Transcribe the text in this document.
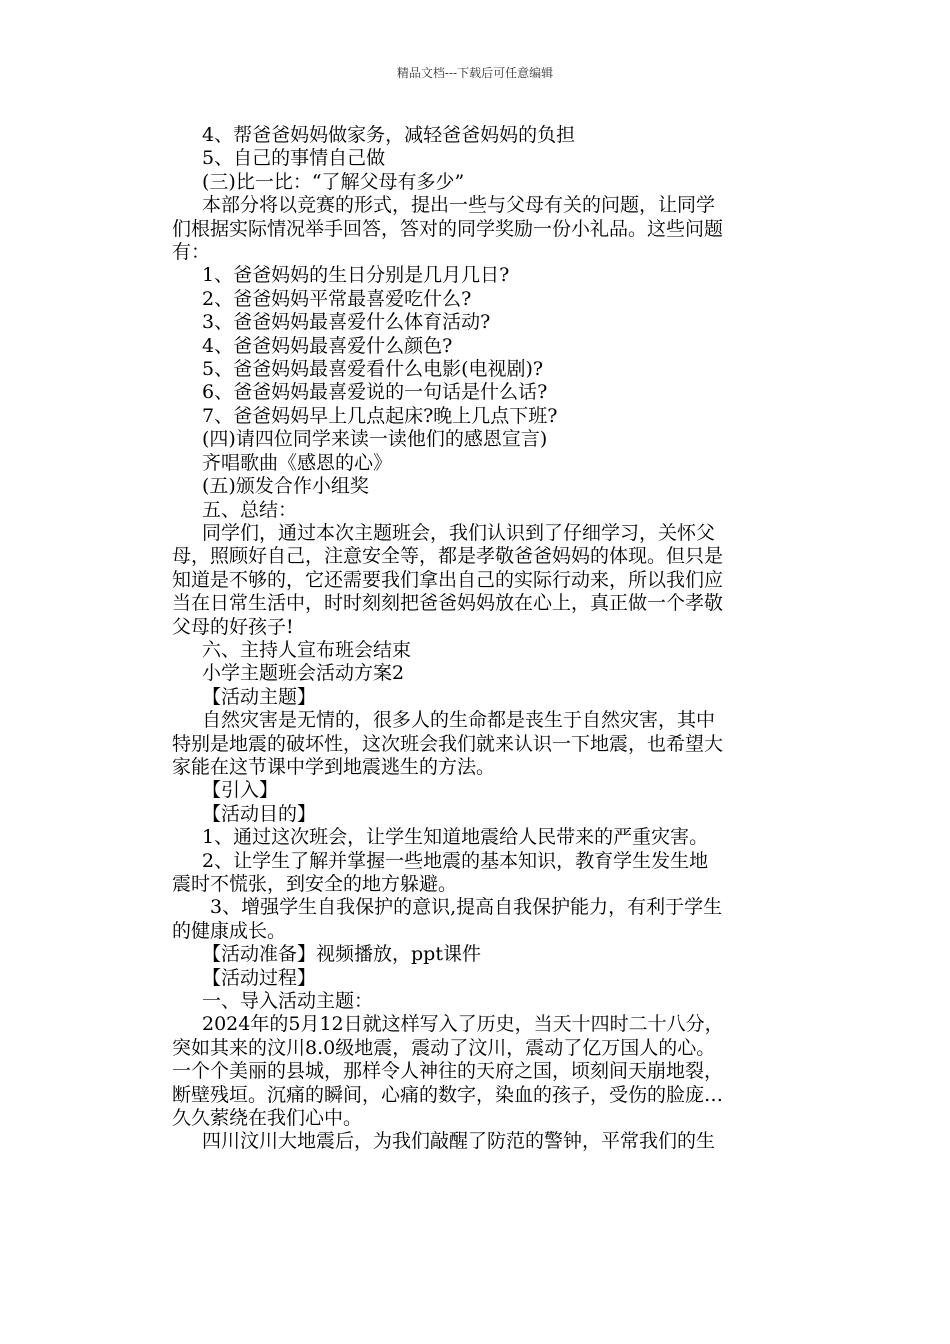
精品文档---下载后可任意编辑

4、帮爸爸妈妈做家务，减轻爸爸妈妈的负担

5、自己的事情自己做

(三)比一比：“了解父母有多少”

本部分将以竞赛的形式，提出一些与父母有关的问题，让同学

们根据实际情况举手回答，答对的同学奖励一份小礼品。这些问题

有：

1、爸爸妈妈的生日分别是几月几日?

2、爸爸妈妈平常最喜爱吃什么?

3、爸爸妈妈最喜爱什么体育活动?

4、爸爸妈妈最喜爱什么颜色?

5、爸爸妈妈最喜爱看什么电影(电视剧)?

6、爸爸妈妈最喜爱说的一句话是什么话?

7、爸爸妈妈早上几点起床?晚上几点下班?

(四)请四位同学来读一读他们的感恩宣言)

齐唱歌曲《感恩的心》

(五)颁发合作小组奖

五、总结：

同学们，通过本次主题班会，我们认识到了仔细学习，关怀父

母，照顾好自己，注意安全等，都是孝敬爸爸妈妈的体现。但只是

知道是不够的，它还需要我们拿出自己的实际行动来，所以我们应

当在日常生活中，时时刻刻把爸爸妈妈放在心上，真正做一个孝敬

父母的好孩子!

六、主持人宣布班会结束

小学主题班会活动方案2

【活动主题】

自然灾害是无情的，很多人的生命都是丧生于自然灾害，其中

特别是地震的破坏性，这次班会我们就来认识一下地震，也希望大

家能在这节课中学到地震逃生的方法。

【引入】

【活动目的】

1、通过这次班会，让学生知道地震给人民带来的严重灾害。

2、让学生了解并掌握一些地震的基本知识，教育学生发生地

震时不慌张，到安全的地方躲避。

3、增强学生自我保护的意识,提高自我保护能力，有利于学生

的健康成长。

【活动准备】视频播放，ppt课件

【活动过程】

一、导入活动主题：

2024年的5月12日就这样写入了历史，当天十四时二十八分，

突如其来的汶川8.0级地震，震动了汶川，震动了亿万国人的心。

一个个美丽的县城，那样令人神往的天府之国，顷刻间天崩地裂，

断壁残垣。沉痛的瞬间，心痛的数字，染血的孩子，受伤的脸庞…

久久萦绕在我们心中。

四川汶川大地震后，为我们敲醒了防范的警钟，平常我们的生
